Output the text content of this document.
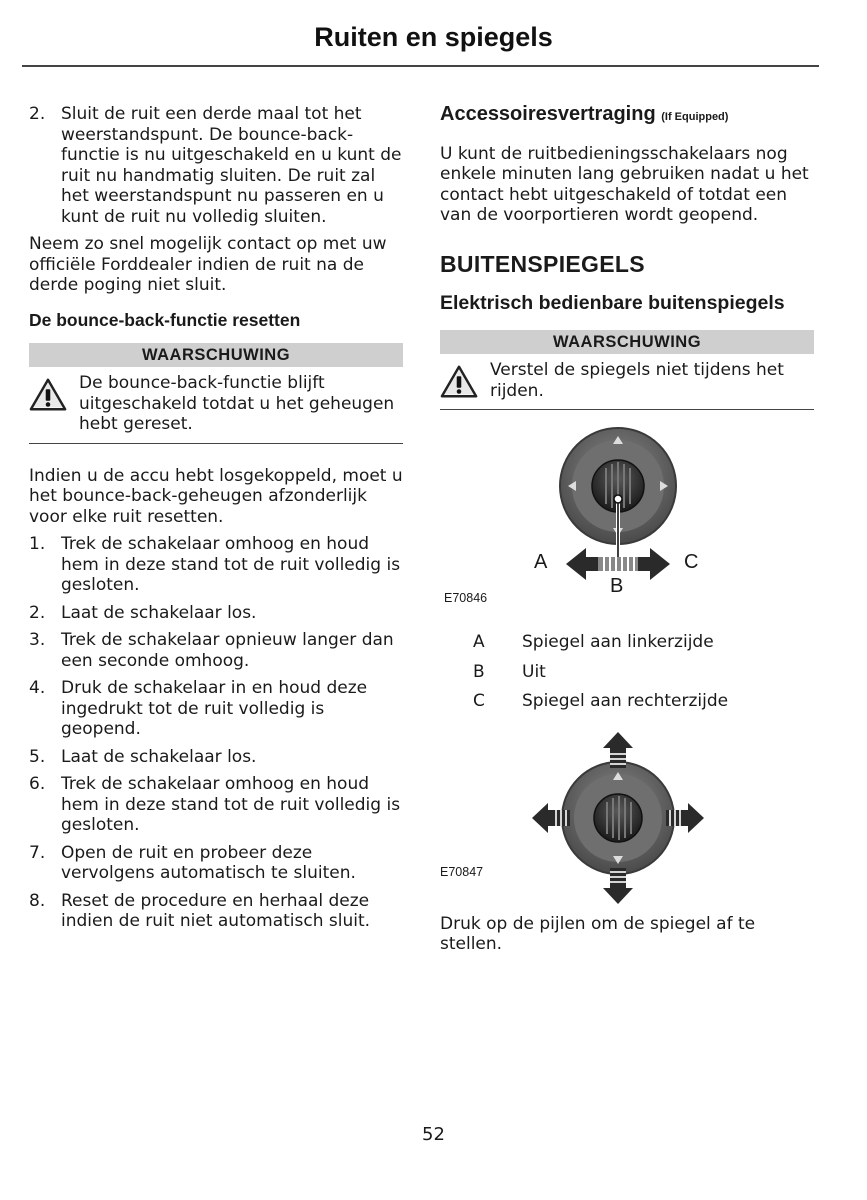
Ruiten en spiegels
2. Sluit de ruit een derde maal tot het weerstandspunt. De bounce-back-functie is nu uitgeschakeld en u kunt de ruit nu handmatig sluiten. De ruit zal het weerstandspunt nu passeren en u kunt de ruit nu volledig sluiten.

Neem zo snel mogelijk contact op met uw officiële Forddealer indien de ruit na de derde poging niet sluit.

De bounce-back-functie resetten
WAARSCHUWING
De bounce-back-functie blijft uitgeschakeld totdat u het geheugen hebt gereset.

Indien u de accu hebt losgekoppeld, moet u het bounce-back-geheugen afzonderlijk voor elke ruit resetten.

1. Trek de schakelaar omhoog en houd hem in deze stand tot de ruit volledig is gesloten.
2. Laat de schakelaar los.
3. Trek de schakelaar opnieuw langer dan een seconde omhoog.
4. Druk de schakelaar in en houd deze ingedrukt tot de ruit volledig is geopend.
5. Laat de schakelaar los.
6. Trek de schakelaar omhoog en houd hem in deze stand tot de ruit volledig is gesloten.
7. Open de ruit en probeer deze vervolgens automatisch te sluiten.
8. Reset de procedure en herhaal deze indien de ruit niet automatisch sluit.
Accessoiresvertraging (If Equipped)

U kunt de ruitbedieningsschakelaars nog enkele minuten lang gebruiken nadat u het contact hebt uitgeschakeld of totdat een van de voorportieren wordt geopend.

BUITENSPIEGELS
Elektrisch bedienbare buitenspiegels
WAARSCHUWING
Verstel de spiegels niet tijdens het rijden.
A
B
C
E70846
A	Spiegel aan linkerzijde
B	Uit
C	Spiegel aan rechterzijde
E70847

Druk op de pijlen om de spiegel af te stellen.

52
